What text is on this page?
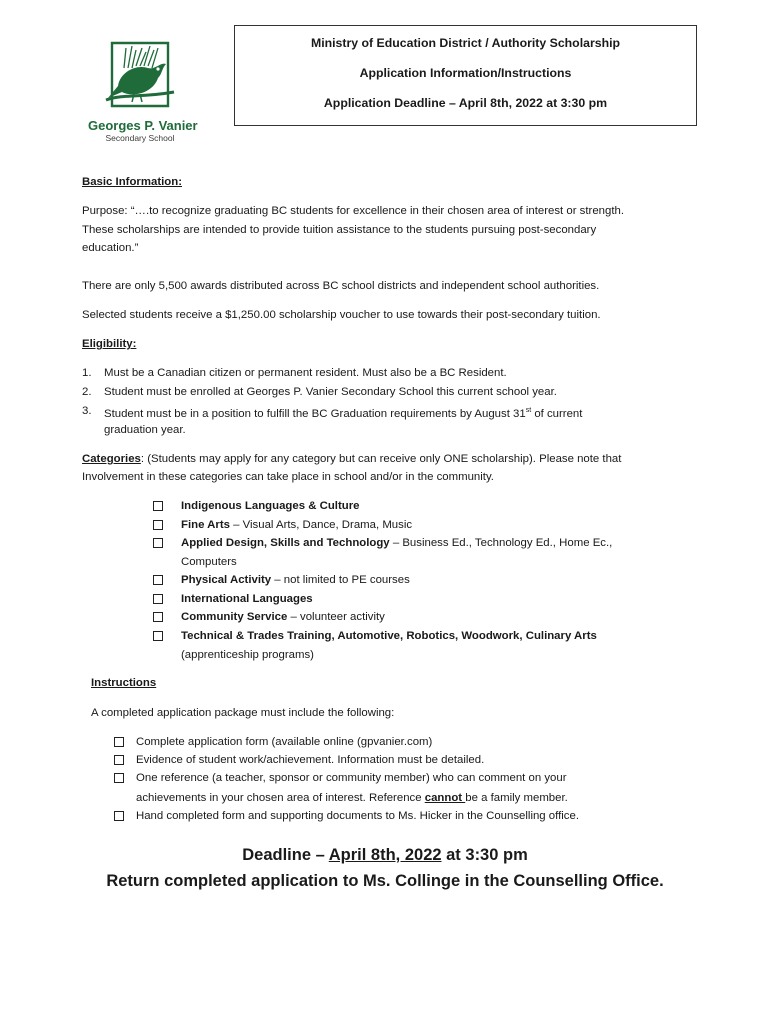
Georges P. Vanier
Secondary School
Ministry of Education District / Authority Scholarship
Application Information/Instructions
Application Deadline – April 8th, 2022 at 3:30 pm
Basic Information:
Purpose: “….to recognize graduating BC students for excellence in their chosen area of interest or strength.
These scholarships are intended to provide tuition assistance to the students pursuing post-secondary
education.”
There are only 5,500 awards distributed across BC school districts and independent school authorities.
Selected students receive a $1,250.00 scholarship voucher to use towards their post-secondary tuition.
Eligibility:
1. Must be a Canadian citizen or permanent resident. Must also be a BC Resident.
2. Student must be enrolled at Georges P. Vanier Secondary School this current school year.
3. Student must be in a position to fulfill the BC Graduation requirements by August 31st of current
graduation year.
Categories: (Students may apply for any category but can receive only ONE scholarship). Please note that
Involvement in these categories can take place in school and/or in the community.
Indigenous Languages & Culture
Fine Arts – Visual Arts, Dance, Drama, Music
Applied Design, Skills and Technology – Business Ed., Technology Ed., Home Ec.,
Computers
Physical Activity – not limited to PE courses
International Languages
Community Service – volunteer activity
Technical & Trades Training, Automotive, Robotics, Woodwork, Culinary Arts
(apprenticeship programs)
Instructions
A completed application package must include the following:
Complete application form (available online (gpvanier.com)
Evidence of student work/achievement. Information must be detailed.
One reference (a teacher, sponsor or community member) who can comment on your
achievements in your chosen area of interest. Reference cannot be a family member.
Hand completed form and supporting documents to Ms. Hicker in the Counselling office.
Deadline – April 8th, 2022 at 3:30 pm
Return completed application to Ms. Collinge in the Counselling Office.
